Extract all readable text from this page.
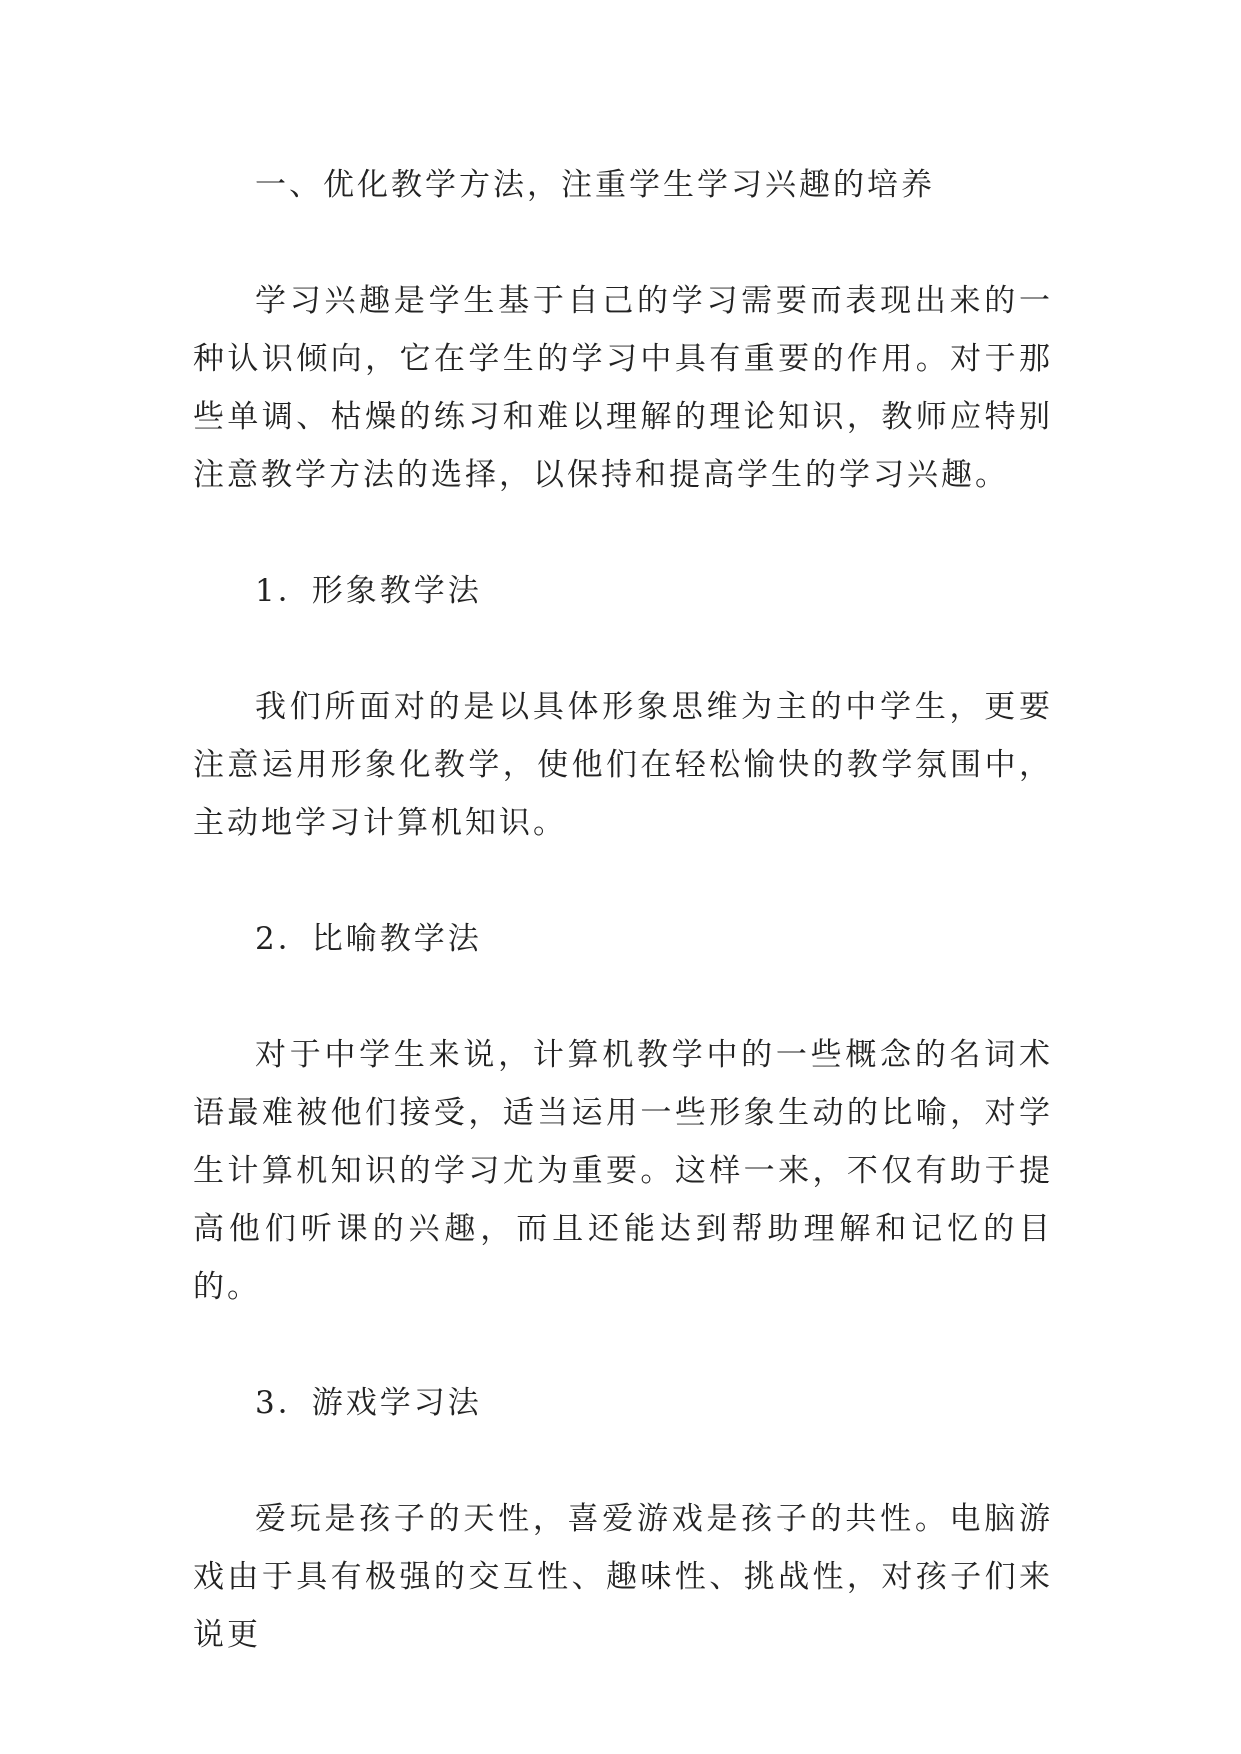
一、优化教学方法，注重学生学习兴趣的培养

学习兴趣是学生基于自己的学习需要而表现出来的一种认识倾向，它在学生的学习中具有重要的作用。对于那些单调、枯燥的练习和难以理解的理论知识，教师应特别注意教学方法的选择，以保持和提高学生的学习兴趣。

1．形象教学法

我们所面对的是以具体形象思维为主的中学生，更要注意运用形象化教学，使他们在轻松愉快的教学氛围中，主动地学习计算机知识。

2．比喻教学法

对于中学生来说，计算机教学中的一些概念的名词术语最难被他们接受，适当运用一些形象生动的比喻，对学生计算机知识的学习尤为重要。这样一来，不仅有助于提高他们听课的兴趣，而且还能达到帮助理解和记忆的目的。

3．游戏学习法

爱玩是孩子的天性，喜爱游戏是孩子的共性。电脑游戏由于具有极强的交互性、趣味性、挑战性，对孩子们来说更
